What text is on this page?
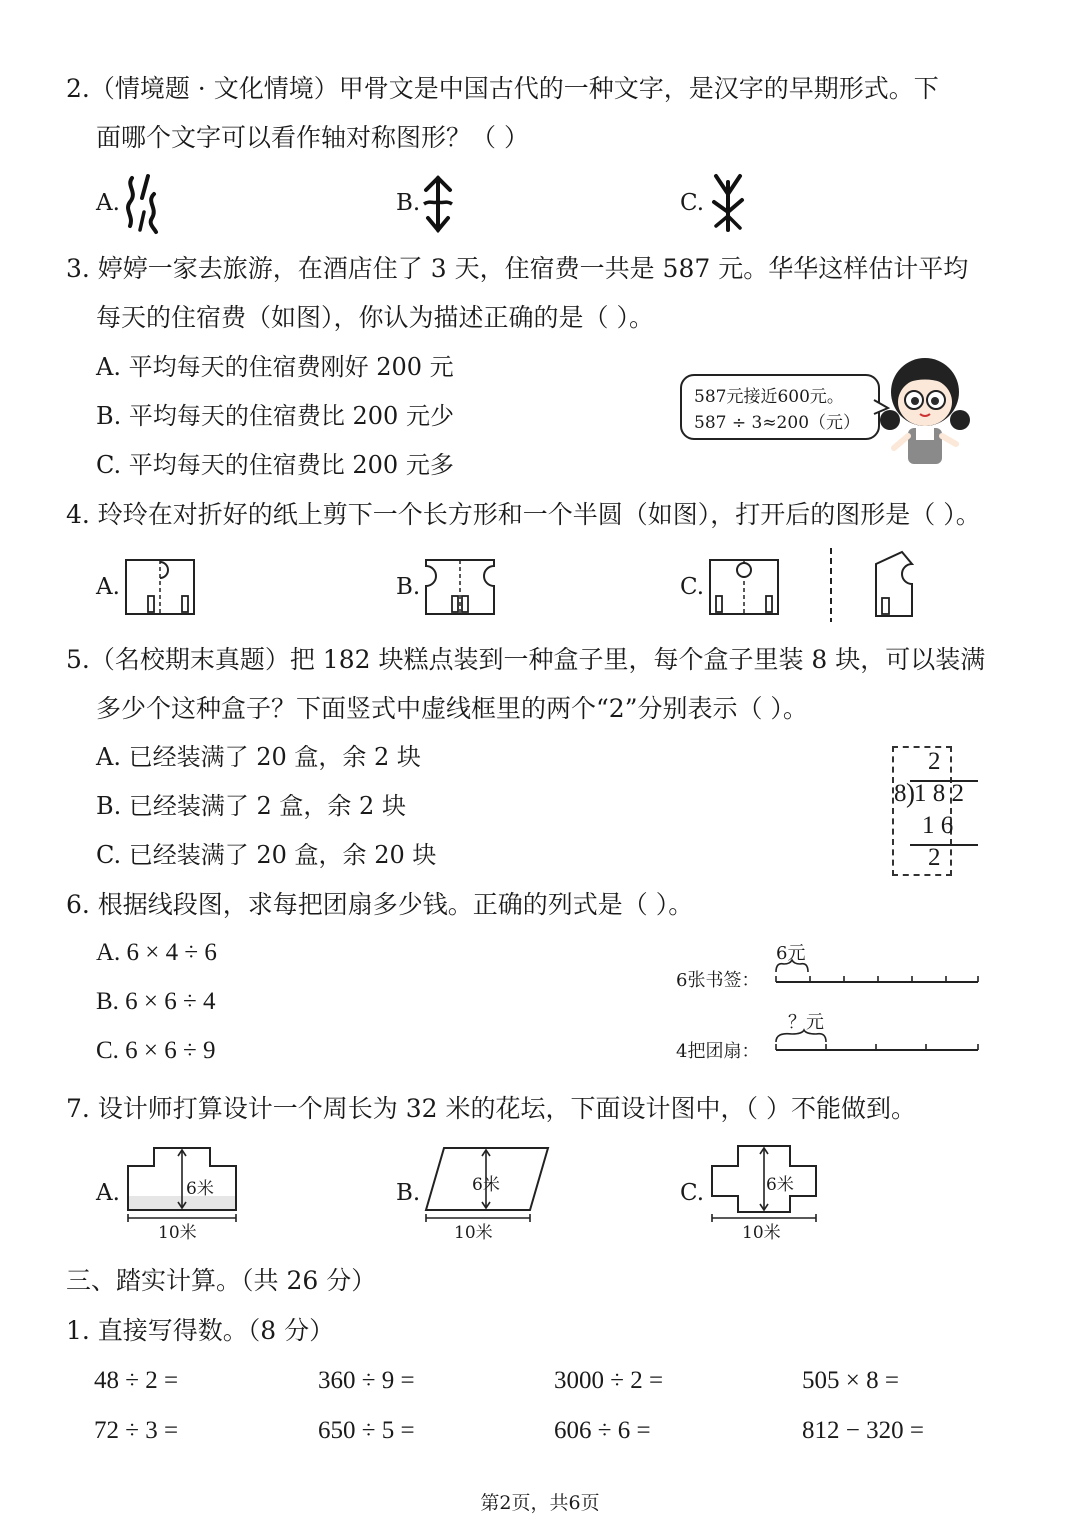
2.（情境题 · 文化情境）甲骨文是中国古代的一种文字，是汉字的早期形式。下
面哪个文字可以看作轴对称图形？（ ）
A.	B.	C.
3. 婷婷一家去旅游，在酒店住了 3 天，住宿费一共是 587 元。华华这样估计平均
每天的住宿费（如图），你认为描述正确的是（ ）。
A. 平均每天的住宿费刚好 200 元
B. 平均每天的住宿费比 200 元少
C. 平均每天的住宿费比 200 元多
587元接近600元。
587 ÷ 3≈200（元）
4. 玲玲在对折好的纸上剪下一个长方形和一个半圆（如图），打开后的图形是（ ）。
A.	B.	C.
5.（名校期末真题）把 182 块糕点装到一种盒子里，每个盒子里装 8 块，可以装满
多少个这种盒子？下面竖式中虚线框里的两个“2”分别表示（ ）。
A. 已经装满了 20 盒，余 2 块
B. 已经装满了 2 盒，余 2 块
C. 已经装满了 20 盒，余 20 块
2
8 ) 1 8 2
1 6
2
6. 根据线段图，求每把团扇多少钱。正确的列式是（ ）。
A. 6 × 4 ÷ 6
B. 6 × 6 ÷ 4
C. 6 × 6 ÷ 9
6张书签：
6元
4把团扇：
？元
7. 设计师打算设计一个周长为 32 米的花坛，下面设计图中，（ ）不能做到。
A.	6米
10米
B.	6米
10米
C.	6米
10米
三、踏实计算。（共 26 分）
1. 直接写得数。（8 分）
48 ÷ 2 =	360 ÷ 9 =	3000 ÷ 2 =	505 × 8 =
72 ÷ 3 =	650 ÷ 5 =	606 ÷ 6 =	812 − 320 =
第2页，共6页
